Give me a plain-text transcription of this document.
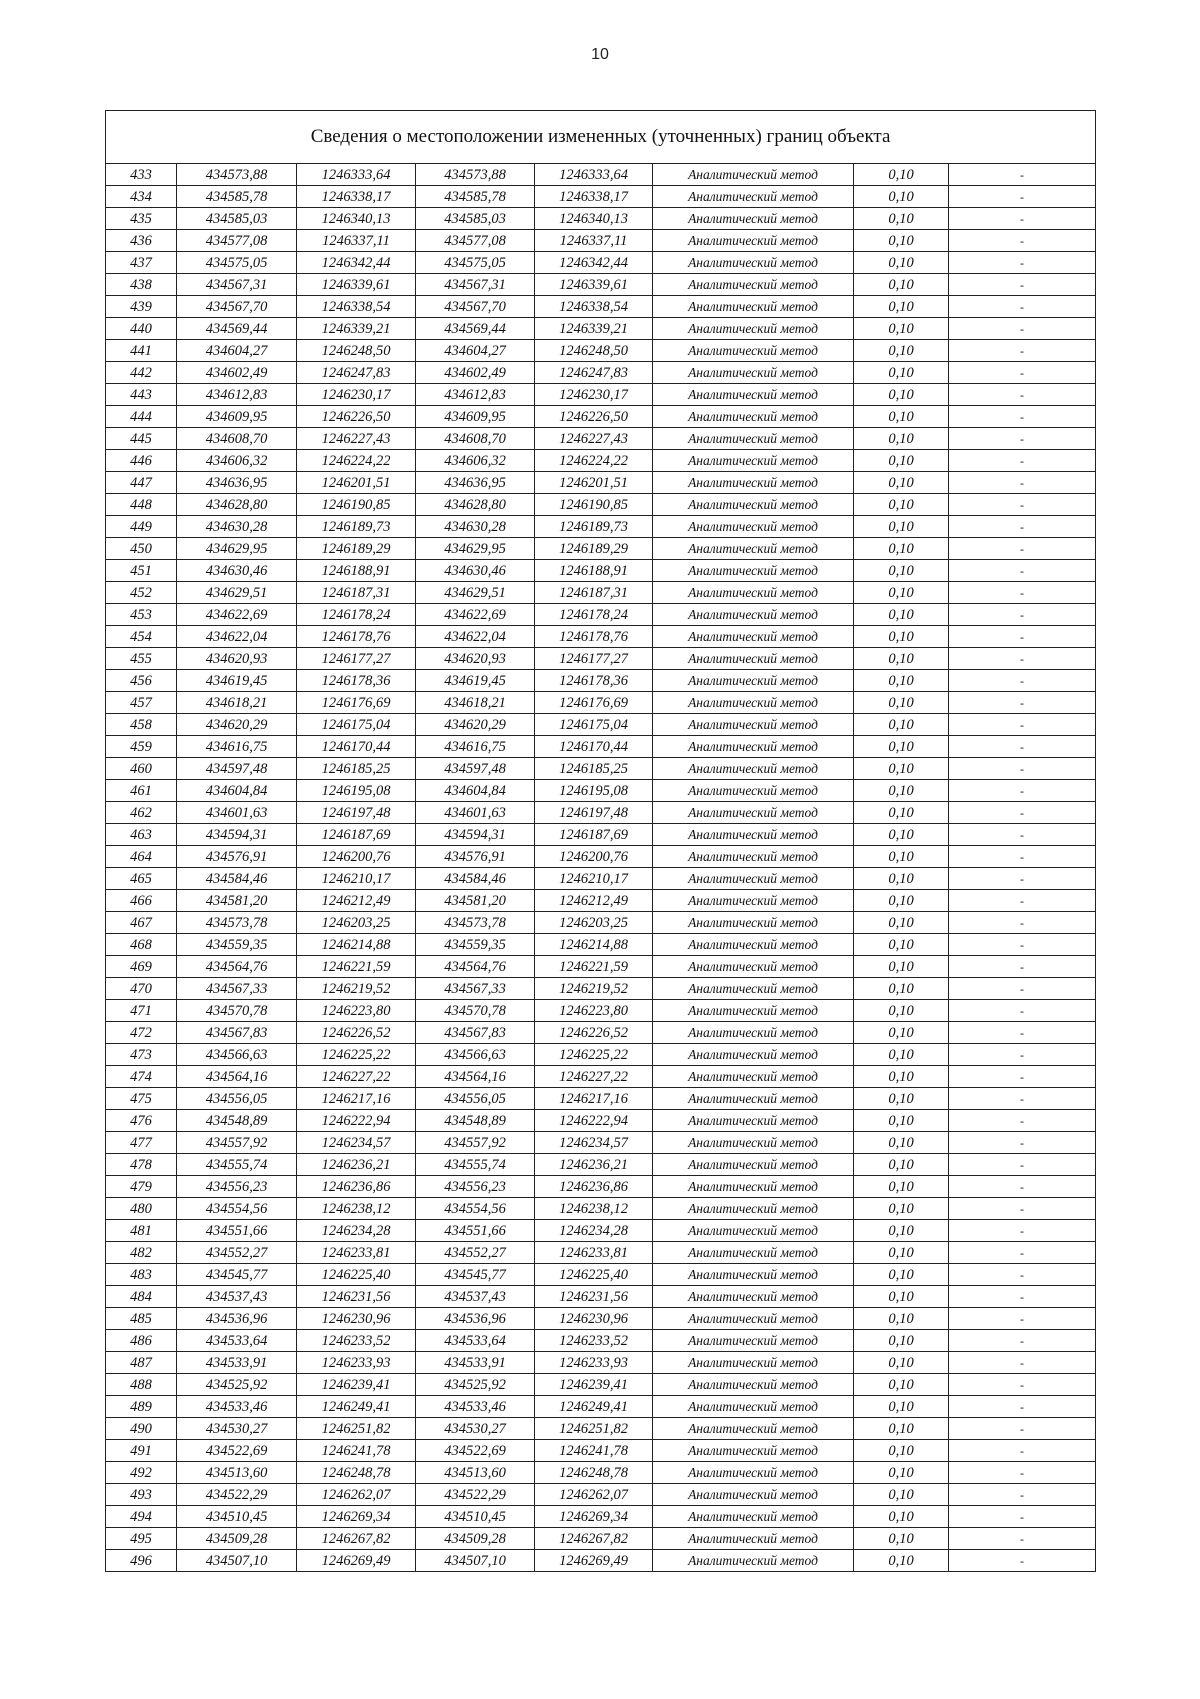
10
Сведения о местоположении измененных (уточненных) границ объекта							
433	434573,88	1246333,64	434573,88	1246333,64	Аналитический метод	0,10	-
434	434585,78	1246338,17	434585,78	1246338,17	Аналитический метод	0,10	-
435	434585,03	1246340,13	434585,03	1246340,13	Аналитический метод	0,10	-
436	434577,08	1246337,11	434577,08	1246337,11	Аналитический метод	0,10	-
437	434575,05	1246342,44	434575,05	1246342,44	Аналитический метод	0,10	-
438	434567,31	1246339,61	434567,31	1246339,61	Аналитический метод	0,10	-
439	434567,70	1246338,54	434567,70	1246338,54	Аналитический метод	0,10	-
440	434569,44	1246339,21	434569,44	1246339,21	Аналитический метод	0,10	-
441	434604,27	1246248,50	434604,27	1246248,50	Аналитический метод	0,10	-
442	434602,49	1246247,83	434602,49	1246247,83	Аналитический метод	0,10	-
443	434612,83	1246230,17	434612,83	1246230,17	Аналитический метод	0,10	-
444	434609,95	1246226,50	434609,95	1246226,50	Аналитический метод	0,10	-
445	434608,70	1246227,43	434608,70	1246227,43	Аналитический метод	0,10	-
446	434606,32	1246224,22	434606,32	1246224,22	Аналитический метод	0,10	-
447	434636,95	1246201,51	434636,95	1246201,51	Аналитический метод	0,10	-
448	434628,80	1246190,85	434628,80	1246190,85	Аналитический метод	0,10	-
449	434630,28	1246189,73	434630,28	1246189,73	Аналитический метод	0,10	-
450	434629,95	1246189,29	434629,95	1246189,29	Аналитический метод	0,10	-
451	434630,46	1246188,91	434630,46	1246188,91	Аналитический метод	0,10	-
452	434629,51	1246187,31	434629,51	1246187,31	Аналитический метод	0,10	-
453	434622,69	1246178,24	434622,69	1246178,24	Аналитический метод	0,10	-
454	434622,04	1246178,76	434622,04	1246178,76	Аналитический метод	0,10	-
455	434620,93	1246177,27	434620,93	1246177,27	Аналитический метод	0,10	-
456	434619,45	1246178,36	434619,45	1246178,36	Аналитический метод	0,10	-
457	434618,21	1246176,69	434618,21	1246176,69	Аналитический метод	0,10	-
458	434620,29	1246175,04	434620,29	1246175,04	Аналитический метод	0,10	-
459	434616,75	1246170,44	434616,75	1246170,44	Аналитический метод	0,10	-
460	434597,48	1246185,25	434597,48	1246185,25	Аналитический метод	0,10	-
461	434604,84	1246195,08	434604,84	1246195,08	Аналитический метод	0,10	-
462	434601,63	1246197,48	434601,63	1246197,48	Аналитический метод	0,10	-
463	434594,31	1246187,69	434594,31	1246187,69	Аналитический метод	0,10	-
464	434576,91	1246200,76	434576,91	1246200,76	Аналитический метод	0,10	-
465	434584,46	1246210,17	434584,46	1246210,17	Аналитический метод	0,10	-
466	434581,20	1246212,49	434581,20	1246212,49	Аналитический метод	0,10	-
467	434573,78	1246203,25	434573,78	1246203,25	Аналитический метод	0,10	-
468	434559,35	1246214,88	434559,35	1246214,88	Аналитический метод	0,10	-
469	434564,76	1246221,59	434564,76	1246221,59	Аналитический метод	0,10	-
470	434567,33	1246219,52	434567,33	1246219,52	Аналитический метод	0,10	-
471	434570,78	1246223,80	434570,78	1246223,80	Аналитический метод	0,10	-
472	434567,83	1246226,52	434567,83	1246226,52	Аналитический метод	0,10	-
473	434566,63	1246225,22	434566,63	1246225,22	Аналитический метод	0,10	-
474	434564,16	1246227,22	434564,16	1246227,22	Аналитический метод	0,10	-
475	434556,05	1246217,16	434556,05	1246217,16	Аналитический метод	0,10	-
476	434548,89	1246222,94	434548,89	1246222,94	Аналитический метод	0,10	-
477	434557,92	1246234,57	434557,92	1246234,57	Аналитический метод	0,10	-
478	434555,74	1246236,21	434555,74	1246236,21	Аналитический метод	0,10	-
479	434556,23	1246236,86	434556,23	1246236,86	Аналитический метод	0,10	-
480	434554,56	1246238,12	434554,56	1246238,12	Аналитический метод	0,10	-
481	434551,66	1246234,28	434551,66	1246234,28	Аналитический метод	0,10	-
482	434552,27	1246233,81	434552,27	1246233,81	Аналитический метод	0,10	-
483	434545,77	1246225,40	434545,77	1246225,40	Аналитический метод	0,10	-
484	434537,43	1246231,56	434537,43	1246231,56	Аналитический метод	0,10	-
485	434536,96	1246230,96	434536,96	1246230,96	Аналитический метод	0,10	-
486	434533,64	1246233,52	434533,64	1246233,52	Аналитический метод	0,10	-
487	434533,91	1246233,93	434533,91	1246233,93	Аналитический метод	0,10	-
488	434525,92	1246239,41	434525,92	1246239,41	Аналитический метод	0,10	-
489	434533,46	1246249,41	434533,46	1246249,41	Аналитический метод	0,10	-
490	434530,27	1246251,82	434530,27	1246251,82	Аналитический метод	0,10	-
491	434522,69	1246241,78	434522,69	1246241,78	Аналитический метод	0,10	-
492	434513,60	1246248,78	434513,60	1246248,78	Аналитический метод	0,10	-
493	434522,29	1246262,07	434522,29	1246262,07	Аналитический метод	0,10	-
494	434510,45	1246269,34	434510,45	1246269,34	Аналитический метод	0,10	-
495	434509,28	1246267,82	434509,28	1246267,82	Аналитический метод	0,10	-
496	434507,10	1246269,49	434507,10	1246269,49	Аналитический метод	0,10	-
